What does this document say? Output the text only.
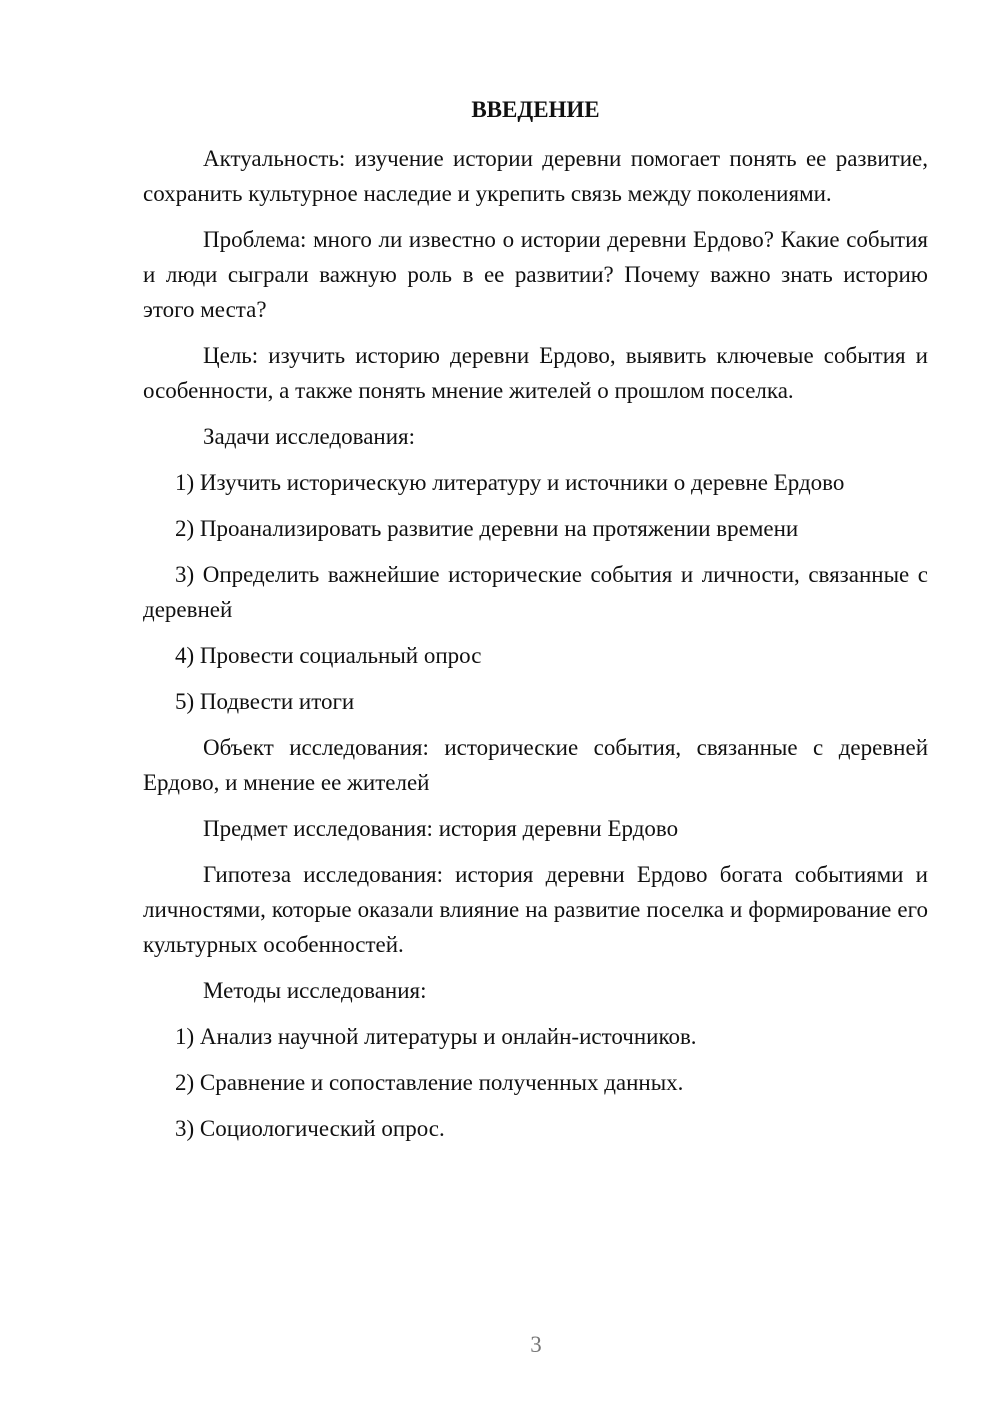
ВВЕДЕНИЕ

Актуальность: изучение истории деревни помогает понять ее развитие, сохранить культурное наследие и укрепить связь между поколениями.

Проблема: много ли известно о истории деревни Ердово? Какие события и люди сыграли важную роль в ее развитии? Почему важно знать историю этого места?

Цель: изучить историю деревни Ердово, выявить ключевые события и особенности, а также понять мнение жителей о прошлом поселка.

Задачи исследования:

1) Изучить историческую литературу и источники о деревне Ердово

2) Проанализировать развитие деревни на протяжении времени

3) Определить важнейшие исторические события и личности, связанные с деревней

4) Провести социальный опрос

5) Подвести итоги

Объект исследования: исторические события, связанные с деревней Ердово, и мнение ее жителей

Предмет исследования: история деревни Ердово

Гипотеза исследования: история деревни Ердово богата событиями и личностями, которые оказали влияние на развитие поселка и формирование его культурных особенностей.

Методы исследования:

1) Анализ научной литературы и онлайн-источников.

2) Сравнение и сопоставление полученных данных.

3) Социологический опрос.

3
